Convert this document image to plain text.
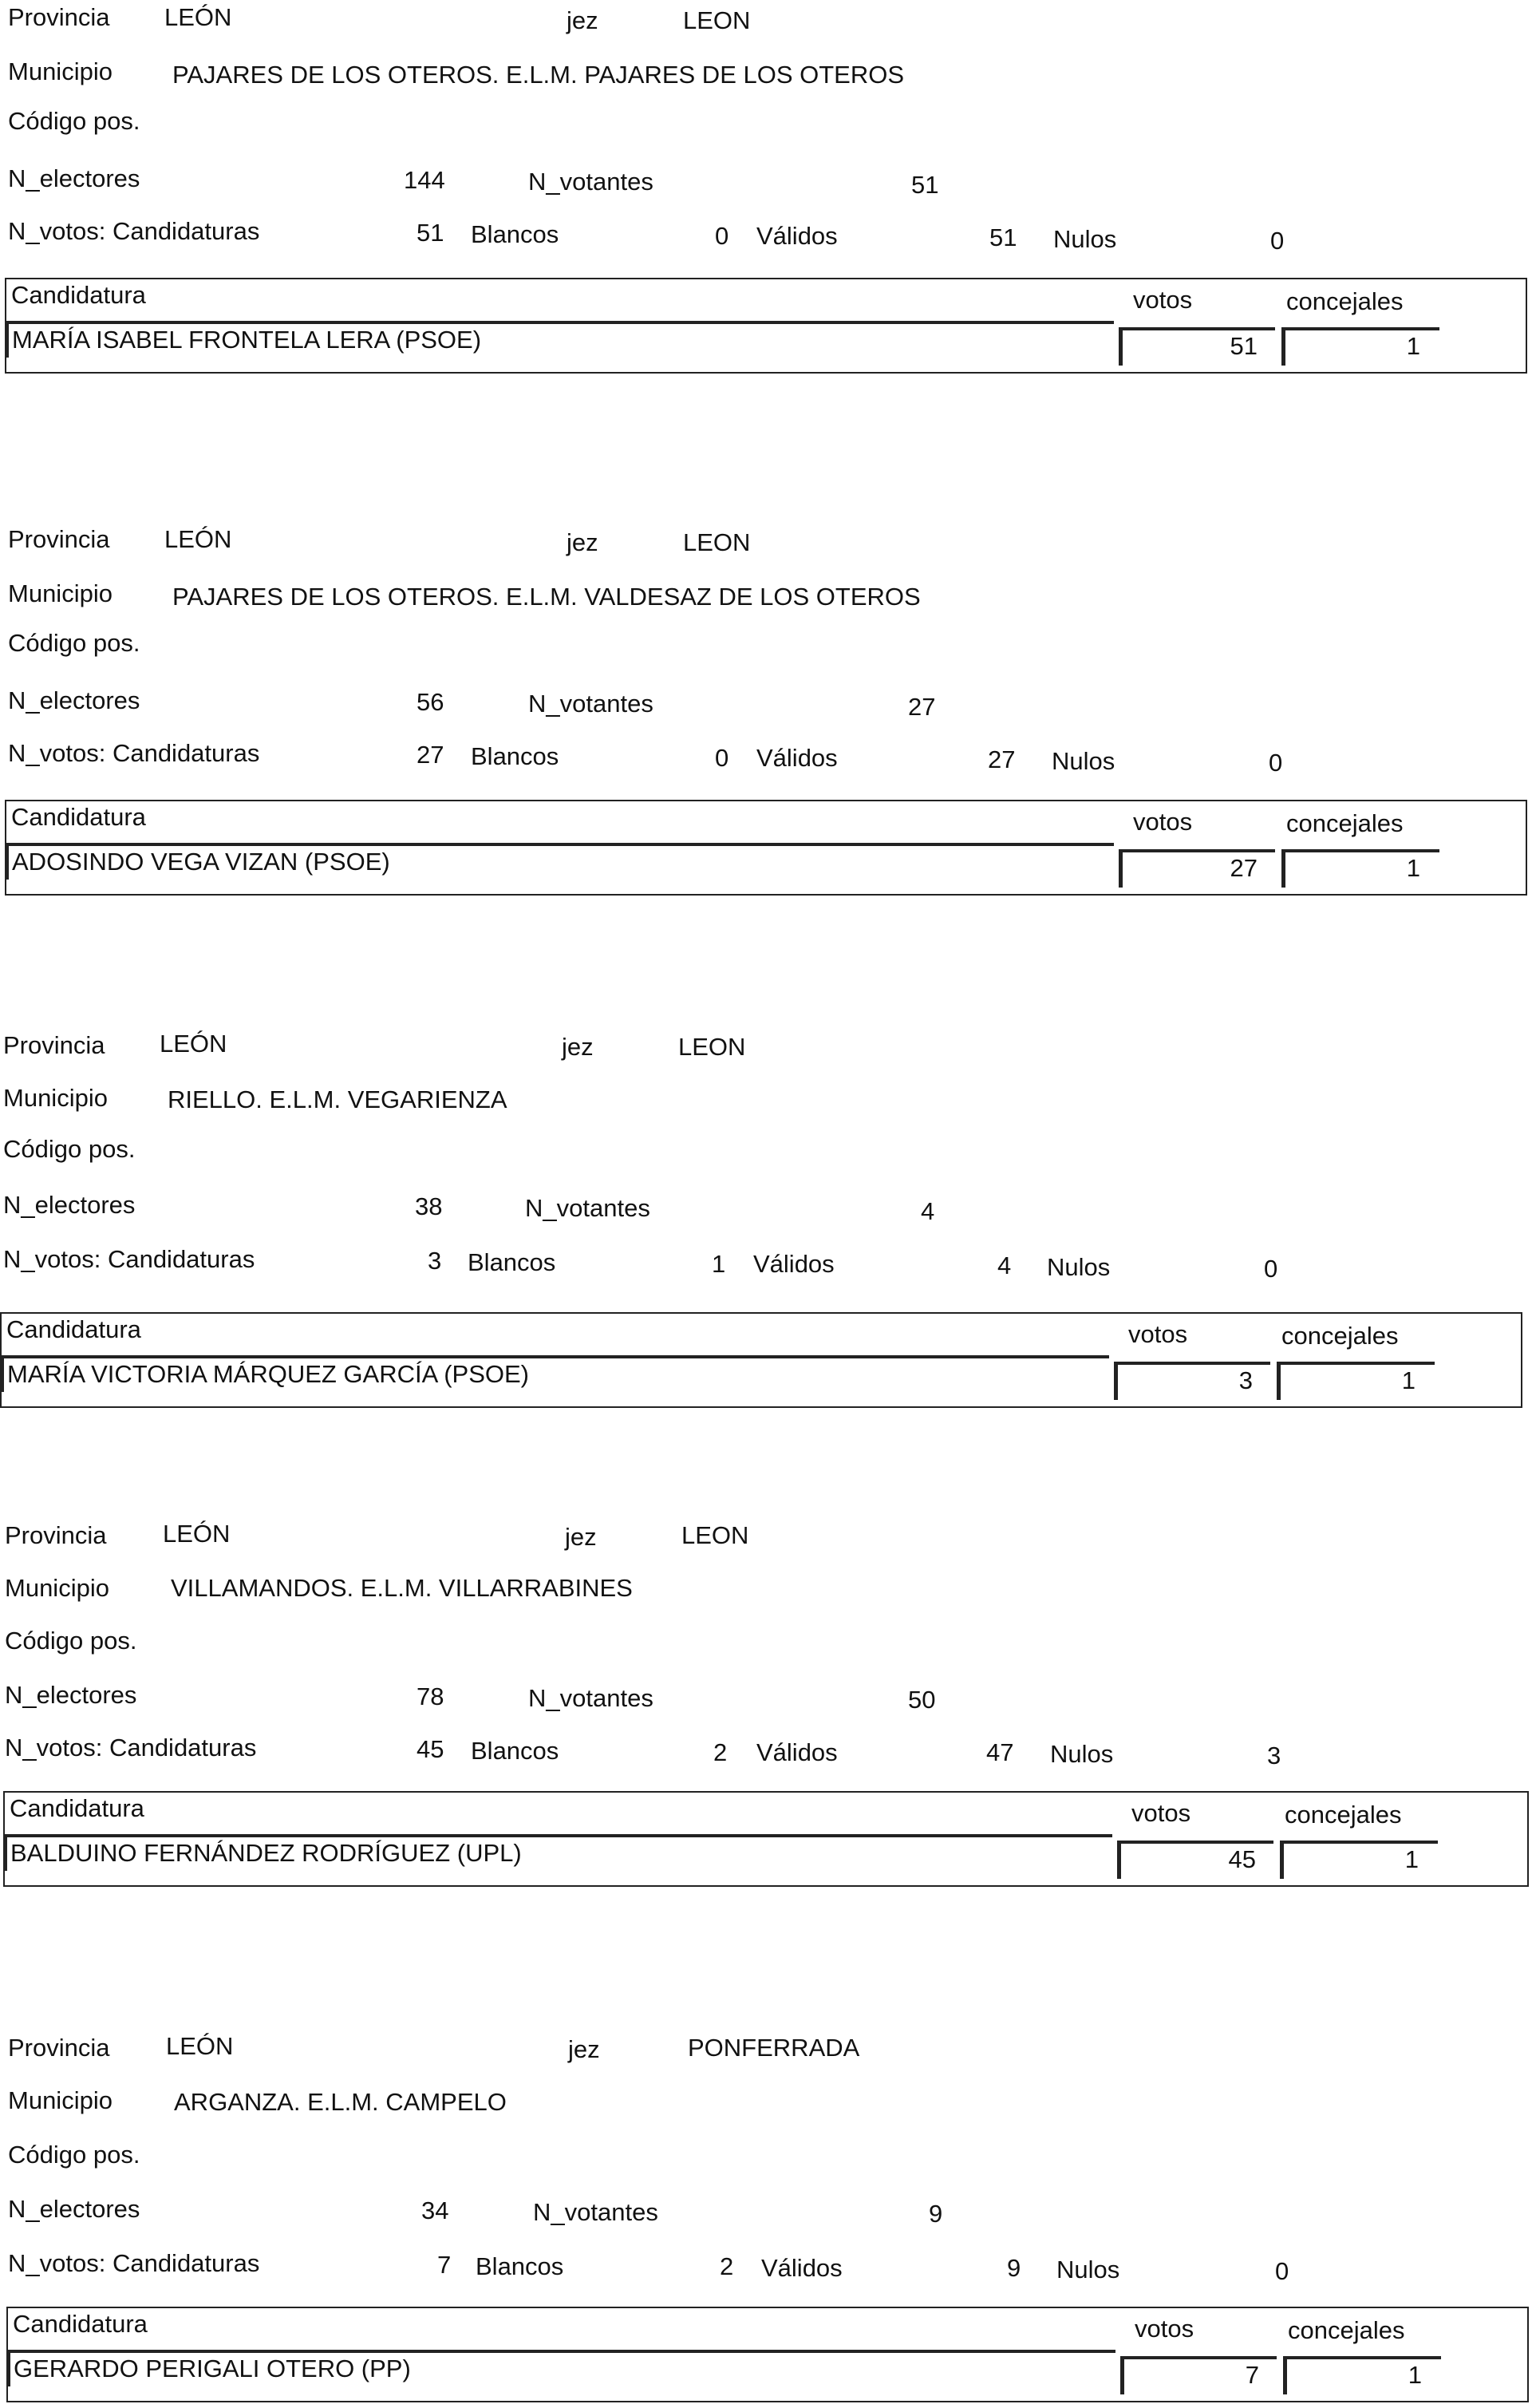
Provincia LEÓN	jez	LEON
Municipio PAJARES DE LOS OTEROS. E.L.M. PAJARES DE LOS OTEROS
Código pos.
N_electores	144	N_votantes	51
N_votos: Candidaturas	51 Blancos	0 Válidos	51 Nulos	0
Candidatura	votos	concejales
MARÍA ISABEL FRONTELA LERA (PSOE)	51	1
Provincia LEÓN	jez	LEON
Municipio PAJARES DE LOS OTEROS. E.L.M. VALDESAZ DE LOS OTEROS
Código pos.
N_electores	56	N_votantes	27
N_votos: Candidaturas	27 Blancos	0 Válidos	27 Nulos	0
Candidatura	votos	concejales
ADOSINDO VEGA VIZAN (PSOE)	27	1
Provincia LEÓN	jez	LEON
Municipio RIELLO. E.L.M. VEGARIENZA
Código pos.
N_electores	38	N_votantes	4
N_votos: Candidaturas	3 Blancos	1 Válidos	4 Nulos	0
Candidatura	votos	concejales
MARÍA VICTORIA MÁRQUEZ GARCÍA (PSOE)	3	1
Provincia LEÓN	jez	LEON
Municipio VILLAMANDOS. E.L.M. VILLARRABINES
Código pos.
N_electores	78	N_votantes	50
N_votos: Candidaturas	45 Blancos	2 Válidos	47 Nulos	3
Candidatura	votos	concejales
BALDUINO FERNÁNDEZ RODRÍGUEZ (UPL)	45	1
Provincia LEÓN	jez	PONFERRADA
Municipio ARGANZA. E.L.M. CAMPELO
Código pos.
N_electores	34	N_votantes	9
N_votos: Candidaturas	7 Blancos	2 Válidos	9 Nulos	0
Candidatura	votos	concejales
GERARDO PERIGALI OTERO (PP)	7	1
